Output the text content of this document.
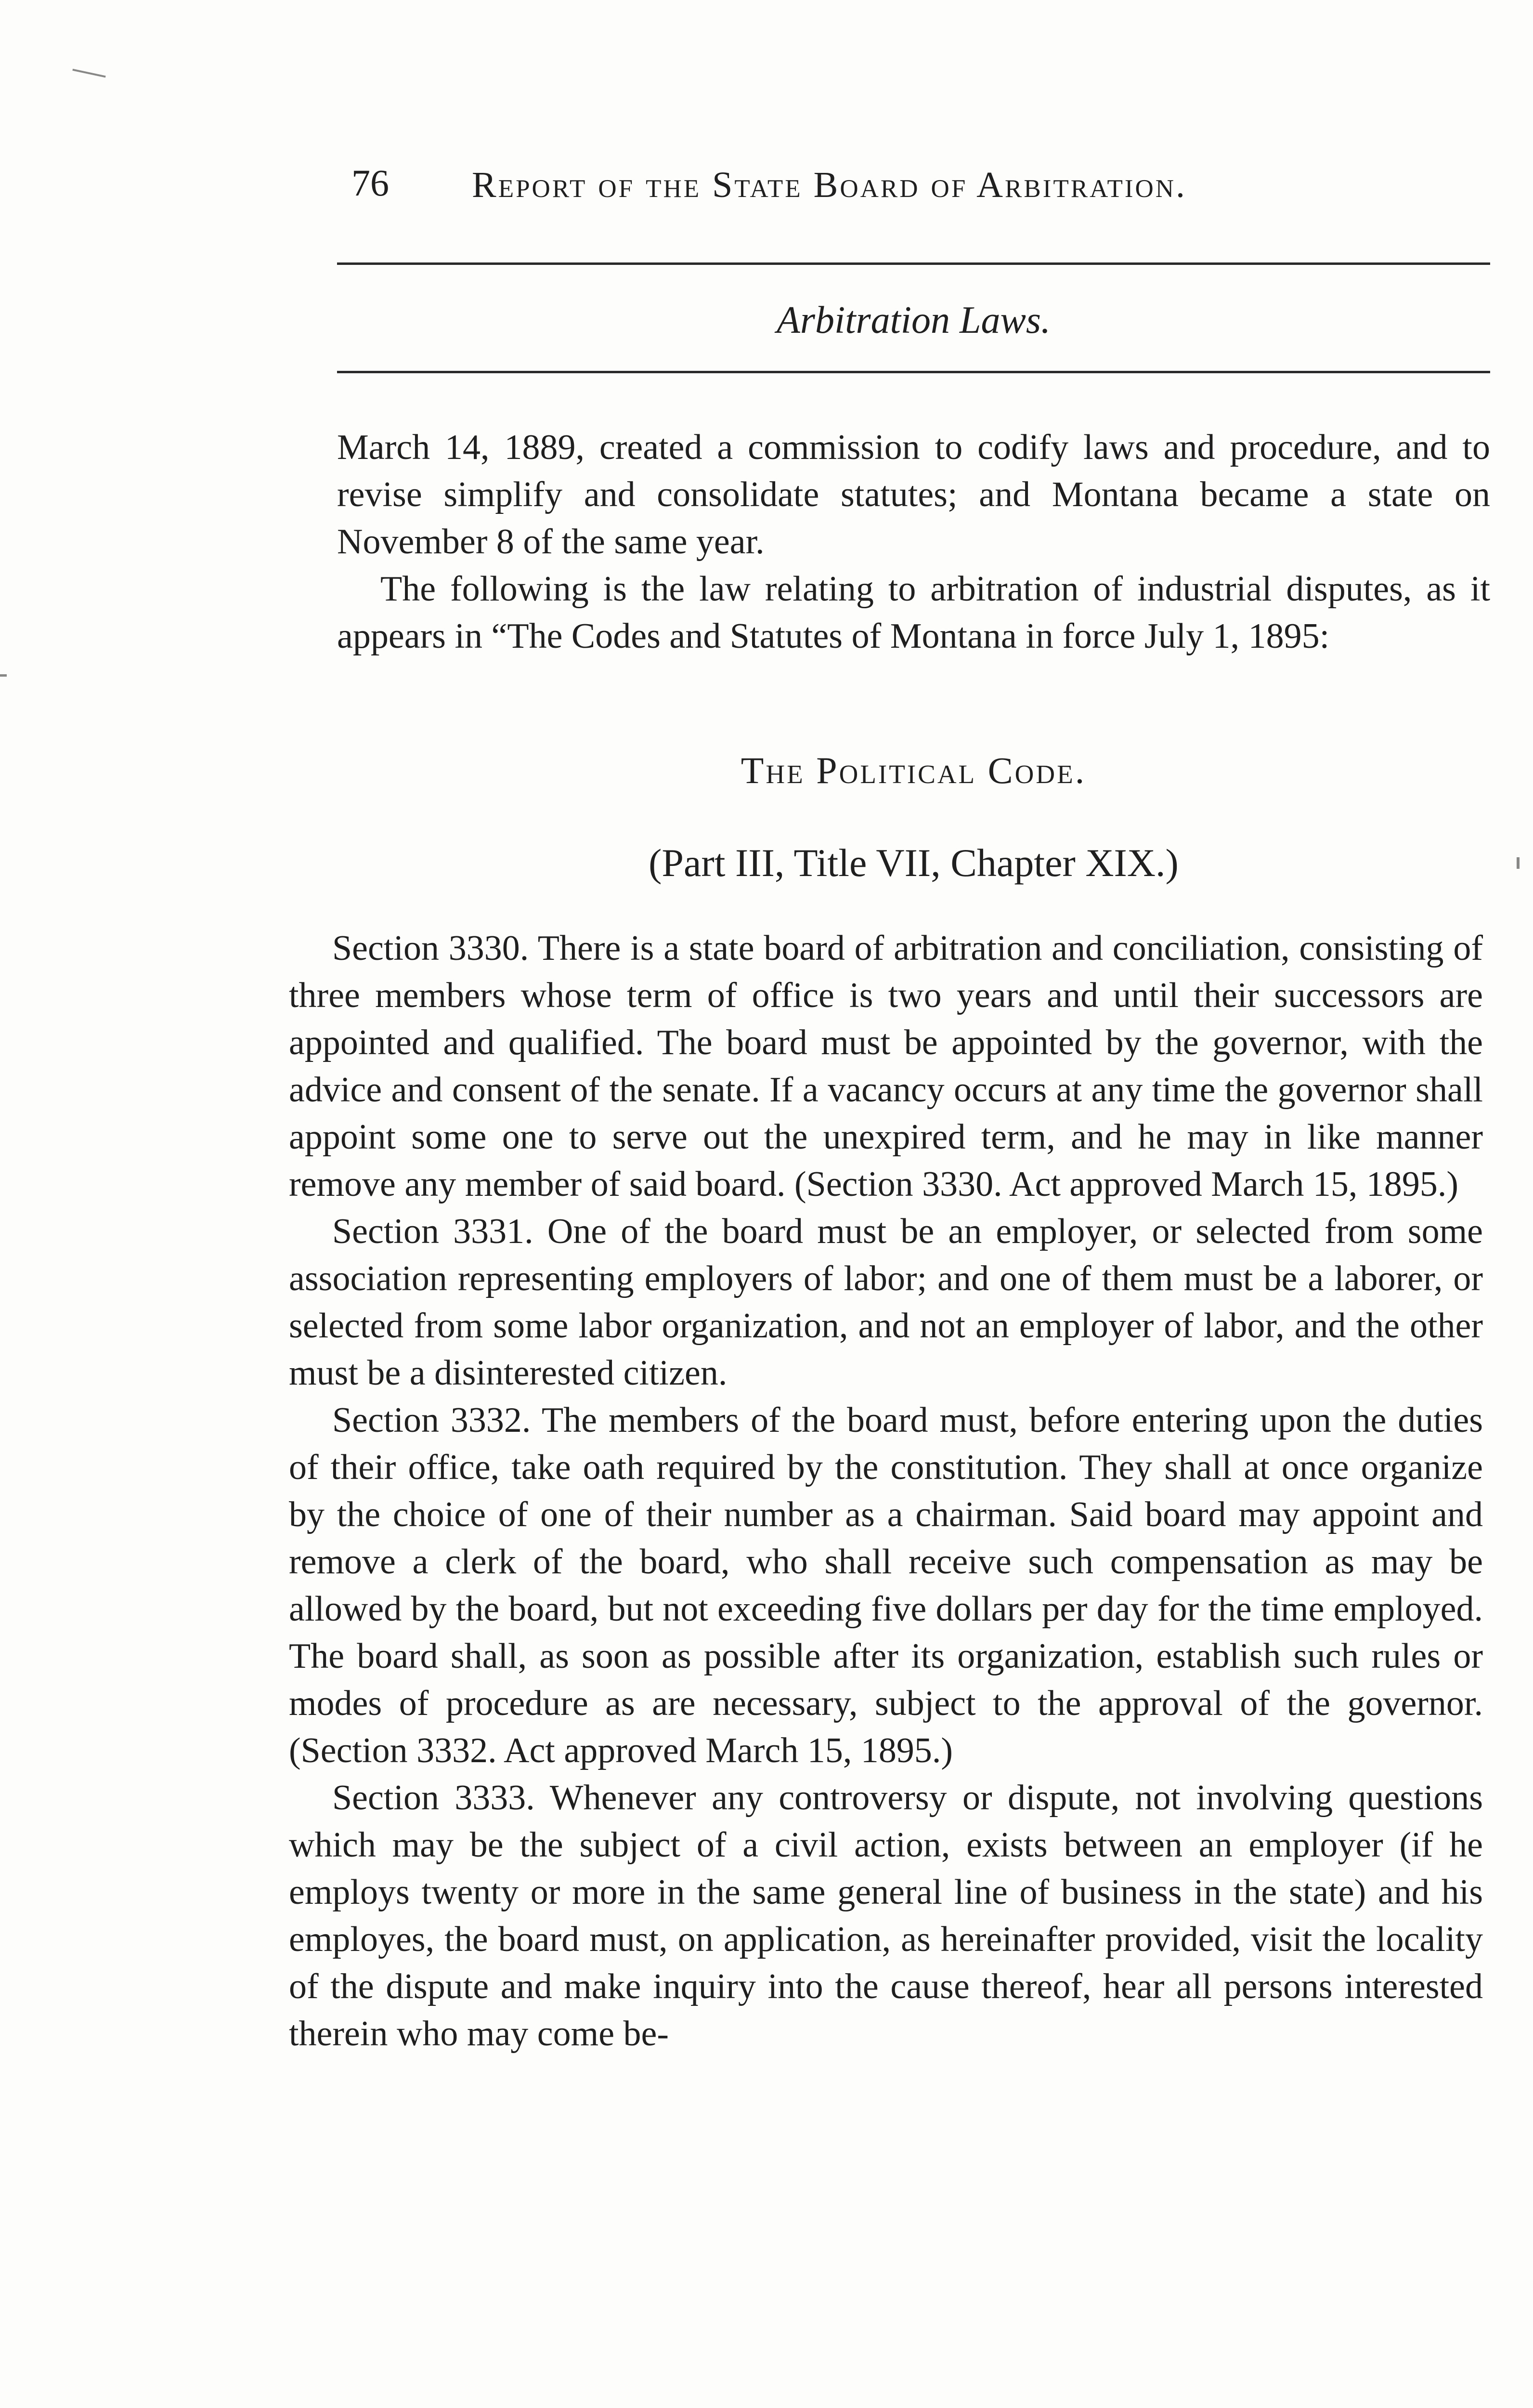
76 Report of the State Board of Arbitration.
Arbitration Laws.

March 14, 1889, created a commission to codify laws and procedure, and to revise simplify and consolidate statutes; and Montana became a state on November 8 of the same year.

The following is the law relating to arbitration of industrial disputes, as it appears in “The Codes and Statutes of Montana in force July 1, 1895:

The Political Code.
(Part III, Title VII, Chapter XIX.)

Section 3330. There is a state board of arbitration and conciliation, consisting of three members whose term of office is two years and until their successors are appointed and qualified. The board must be appointed by the governor, with the advice and consent of the senate. If a vacancy occurs at any time the governor shall appoint some one to serve out the unexpired term, and he may in like manner remove any member of said board. (Section 3330. Act approved March 15, 1895.)

Section 3331. One of the board must be an employer, or selected from some association representing employers of labor; and one of them must be a laborer, or selected from some labor organization, and not an employer of labor, and the other must be a disinterested citizen.

Section 3332. The members of the board must, before entering upon the duties of their office, take oath required by the constitution. They shall at once organize by the choice of one of their number as a chairman. Said board may appoint and remove a clerk of the board, who shall receive such compensation as may be allowed by the board, but not exceeding five dollars per day for the time employed. The board shall, as soon as possible after its organization, establish such rules or modes of procedure as are necessary, subject to the approval of the governor. (Section 3332. Act approved March 15, 1895.)

Section 3333. Whenever any controversy or dispute, not involving questions which may be the subject of a civil action, exists between an employer (if he employs twenty or more in the same general line of business in the state) and his employes, the board must, on application, as hereinafter provided, visit the locality of the dispute and make inquiry into the cause thereof, hear all persons interested therein who may come be-
